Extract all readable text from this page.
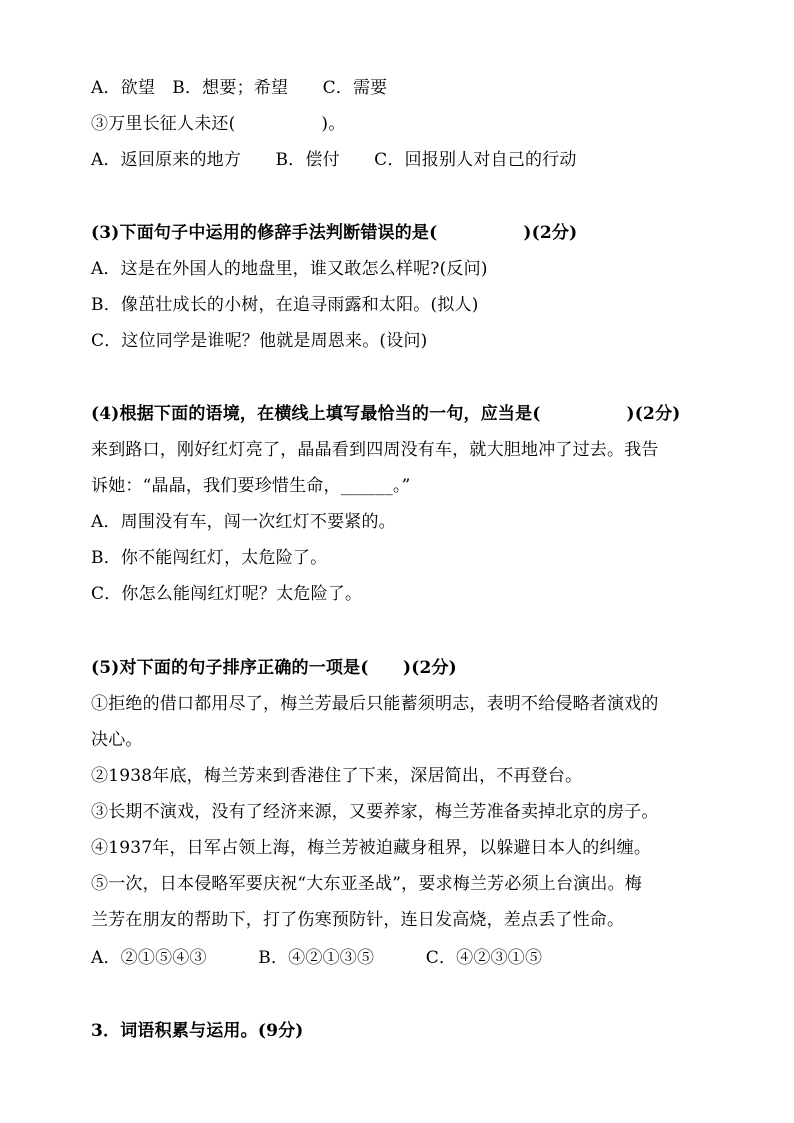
A．欲望　B．想要；希望　　C．需要
③万里长征人未还(　　　　　)。
A．返回原来的地方　　B．偿付　　C．回报别人对自己的行动
(3)下面句子中运用的修辞手法判断错误的是(　　　　　)(2分)
A．这是在外国人的地盘里，谁又敢怎么样呢?(反问)
B．像茁壮成长的小树，在追寻雨露和太阳。(拟人)
C．这位同学是谁呢？他就是周恩来。(设问)
(4)根据下面的语境，在横线上填写最恰当的一句，应当是(　　　　　)(2分)
来到路口，刚好红灯亮了，晶晶看到四周没有车，就大胆地冲了过去。我告
诉她：“晶晶，我们要珍惜生命，______。”
A．周围没有车，闯一次红灯不要紧的。
B．你不能闯红灯，太危险了。
C．你怎么能闯红灯呢？太危险了。
(5)对下面的句子排序正确的一项是(　　)(2分)
①拒绝的借口都用尽了，梅兰芳最后只能蓄须明志，表明不给侵略者演戏的
决心。
②1938年底，梅兰芳来到香港住了下来，深居简出，不再登台。
③长期不演戏，没有了经济来源，又要养家，梅兰芳准备卖掉北京的房子。
④1937年，日军占领上海，梅兰芳被迫藏身租界，以躲避日本人的纠缠。
⑤一次，日本侵略军要庆祝“大东亚圣战”，要求梅兰芳必须上台演出。梅
兰芳在朋友的帮助下，打了伤寒预防针，连日发高烧，差点丢了性命。
A．②①⑤④③　　　B．④②①③⑤　　　C．④②③①⑤
3．词语积累与运用。(9分)
